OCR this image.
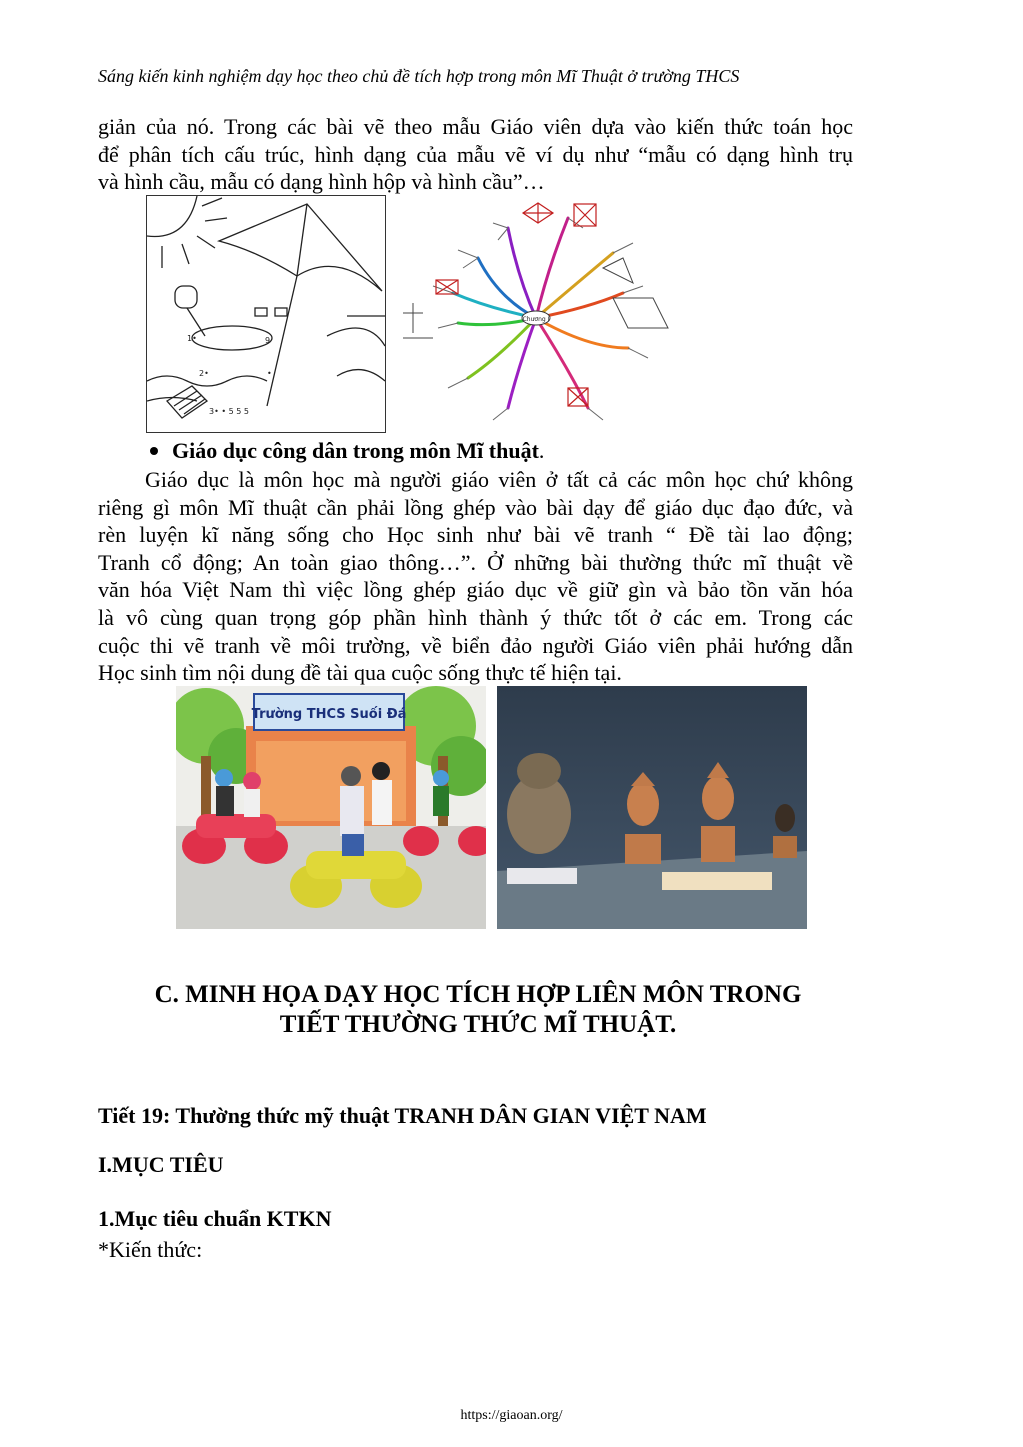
Sáng kiến kinh nghiệm dạy học theo chủ đề tích hợp trong môn Mĩ Thuật ở trường THCS
giản của nó. Trong các bài vẽ theo mẫu Giáo viên dựa vào kiến thức toán học
để phân tích cấu trúc, hình dạng của mẫu vẽ ví dụ như “mẫu có dạng hình trụ
và hình cầu, mẫu có dạng hình hộp và hình cầu”…
1•	9
2•	•
3• • 5 5 5
Chương I
Giáo dục công dân trong môn Mĩ thuật.
Giáo dục là môn học mà người giáo viên ở tất cả các môn học chứ không
riêng gì môn Mĩ thuật cần phải lồng ghép vào bài dạy để giáo dục đạo đức, và
rèn luyện kĩ năng sống cho Học sinh như bài vẽ tranh “ Đề tài lao động;
Tranh cổ động; An toàn giao thông…”. Ở những bài thường thức mĩ thuật về
văn hóa Việt Nam thì việc lồng ghép giáo dục về giữ gìn và bảo tồn văn hóa
là vô cùng quan trọng góp phần hình thành ý thức tốt ở các em. Trong các
cuộc thi vẽ tranh về môi trường, về biển đảo người Giáo viên phải hướng dẫn
Học sinh tìm nội dung đề tài qua cuộc sống thực tế hiện tại.
Trường THCS Suối Đá
C. MINH HỌA DẠY HỌC TÍCH HỢP LIÊN MÔN TRONG
TIẾT THƯỜNG THỨC MĨ THUẬT.
Tiết 19: Thường thức mỹ thuật TRANH DÂN GIAN VIỆT NAM
I.MỤC TIÊU
1.Mục tiêu chuẩn KTKN
*Kiến thức:
https://giaoan.org/
